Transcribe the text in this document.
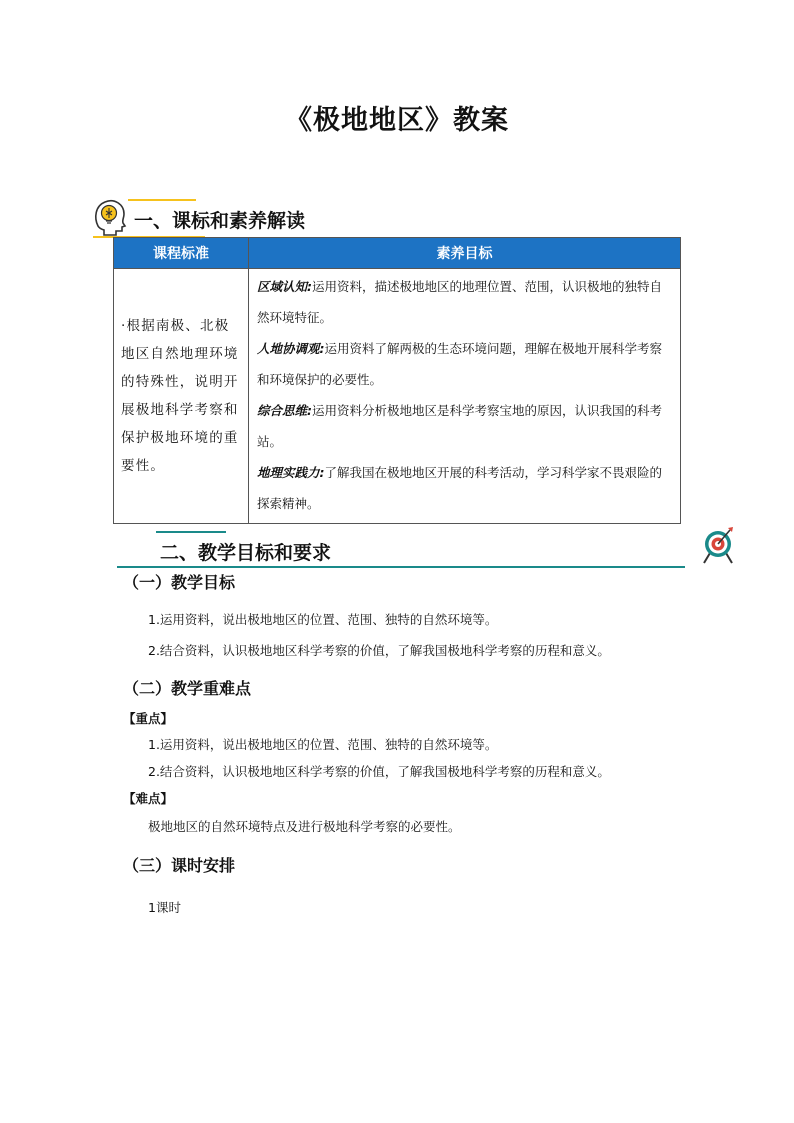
《极地地区》教案
一、课标和素养解读
课程标准	素养目标
·根据南极、北极地区自然地理环境的特殊性，说明开展极地科学考察和保护极地环境的重要性。	区域认知:运用资料，描述极地地区的地理位置、范围，认识极地的独特自然环境特征。
人地协调观:运用资料了解两极的生态环境问题，理解在极地开展科学考察和环境保护的必要性。
综合思维:运用资料分析极地地区是科学考察宝地的原因，认识我国的科考站。
地理实践力:了解我国在极地地区开展的科考活动，学习科学家不畏艰险的探索精神。
二、教学目标和要求
（一）教学目标
1.运用资料，说出极地地区的位置、范围、独特的自然环境等。
2.结合资料，认识极地地区科学考察的价值，了解我国极地科学考察的历程和意义。
（二）教学重难点
【重点】
1.运用资料，说出极地地区的位置、范围、独特的自然环境等。
2.结合资料，认识极地地区科学考察的价值，了解我国极地科学考察的历程和意义。
【难点】
极地地区的自然环境特点及进行极地科学考察的必要性。
（三）课时安排
1课时
